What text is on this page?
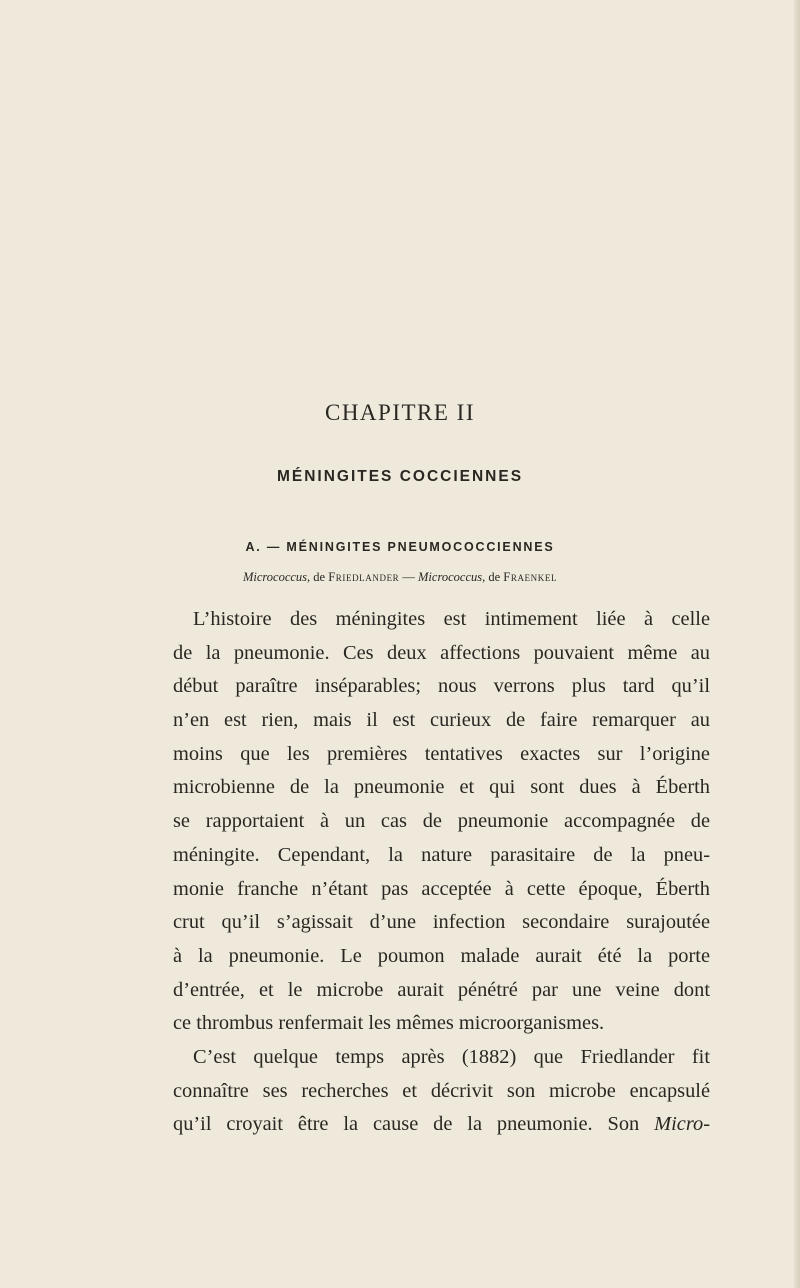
CHAPITRE II
MÉNINGITES COCCIENNES
A. — MÉNINGITES PNEUMOCOCCIENNES
Micrococcus, de Friedlander — Micrococcus, de Fraenkel
L’histoire des méningites est intimement liée à celle
de la pneumonie. Ces deux affections pouvaient même au
début paraître inséparables; nous verrons plus tard qu’il
n’en est rien, mais il est curieux de faire remarquer au
moins que les premières tentatives exactes sur l’origine
microbienne de la pneumonie et qui sont dues à Éberth
se rapportaient à un cas de pneumonie accompagnée de
méningite. Cependant, la nature parasitaire de la pneu-
monie franche n’étant pas acceptée à cette époque, Éberth
crut qu’il s’agissait d’une infection secondaire surajoutée
à la pneumonie. Le poumon malade aurait été la porte
d’entrée, et le microbe aurait pénétré par une veine dont
ce thrombus renfermait les mêmes microorganismes.
C’est quelque temps après (1882) que Friedlander fit
connaître ses recherches et décrivit son microbe encapsulé
qu’il croyait être la cause de la pneumonie. Son Micro-
